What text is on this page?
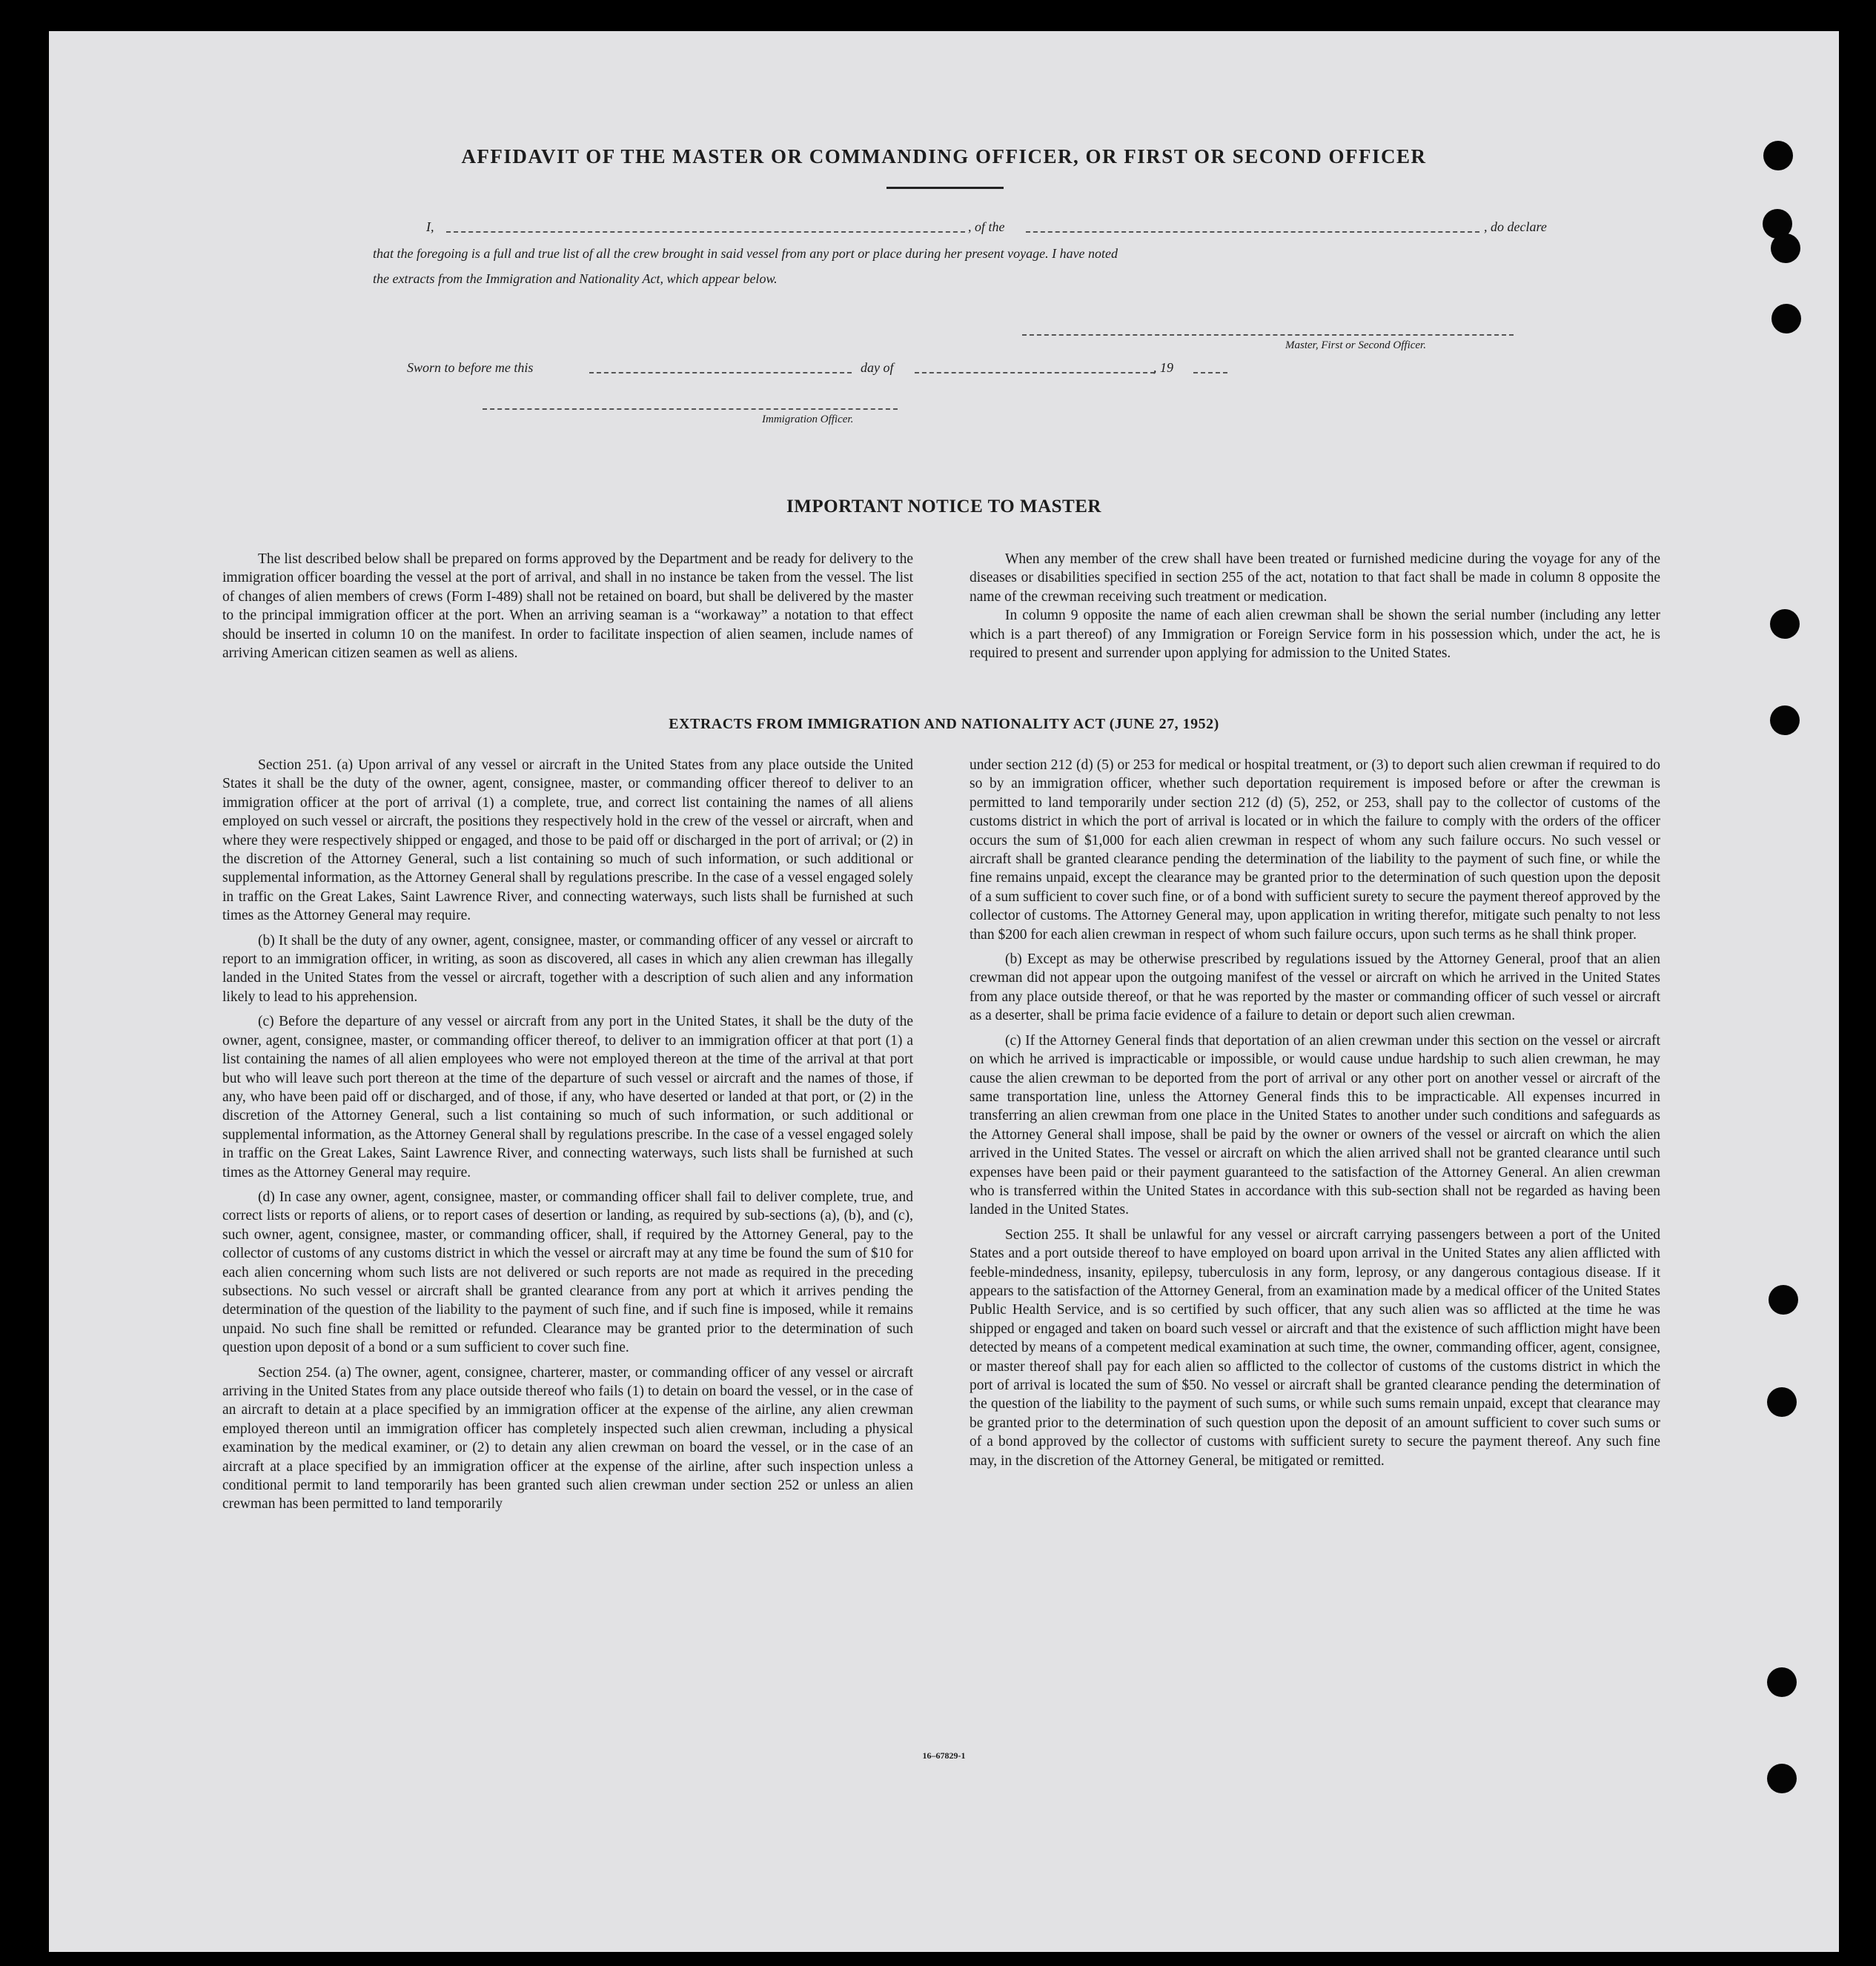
AFFIDAVIT OF THE MASTER OR COMMANDING OFFICER, OR FIRST OR SECOND OFFICER
I,	, of the	, do declare
that the foregoing is a full and true list of all the crew brought in said vessel from any port or place during her present voyage. I have noted
the extracts from the Immigration and Nationality Act, which appear below.
Master, First or Second Officer.
Sworn to before me this	day of	, 19
Immigration Officer.
IMPORTANT NOTICE TO MASTER

The list described below shall be prepared on forms approved by the Department and be ready for delivery to the immigration officer boarding the vessel at the port of arrival, and shall in no instance be taken from the vessel. The list of changes of alien members of crews (Form I-489) shall not be retained on board, but shall be delivered by the master to the principal immigration officer at the port. When an arriving seaman is a “workaway” a notation to that effect should be inserted in column 10 on the manifest. In order to facilitate inspection of alien seamen, include names of arriving American citizen seamen as well as aliens.

When any member of the crew shall have been treated or furnished medicine during the voyage for any of the diseases or disabilities specified in section 255 of the act, notation to that fact shall be made in column 8 opposite the name of the crewman receiving such treatment or medication.

In column 9 opposite the name of each alien crewman shall be shown the serial number (including any letter which is a part thereof) of any Immigration or Foreign Service form in his possession which, under the act, he is required to present and surrender upon applying for admission to the United States.

EXTRACTS FROM IMMIGRATION AND NATIONALITY ACT (JUNE 27, 1952)

Section 251. (a) Upon arrival of any vessel or aircraft in the United States from any place outside the United States it shall be the duty of the owner, agent, consignee, master, or commanding officer thereof to deliver to an immigration officer at the port of arrival (1) a complete, true, and correct list containing the names of all aliens employed on such vessel or aircraft, the positions they respectively hold in the crew of the vessel or aircraft, when and where they were respectively shipped or engaged, and those to be paid off or discharged in the port of arrival; or (2) in the discretion of the Attorney General, such a list containing so much of such information, or such additional or supplemental information, as the Attorney General shall by regulations prescribe. In the case of a vessel engaged solely in traffic on the Great Lakes, Saint Lawrence River, and connecting waterways, such lists shall be furnished at such times as the Attorney General may require.

(b) It shall be the duty of any owner, agent, consignee, master, or commanding officer of any vessel or aircraft to report to an immigration officer, in writing, as soon as discovered, all cases in which any alien crewman has illegally landed in the United States from the vessel or aircraft, together with a description of such alien and any information likely to lead to his apprehension.

(c) Before the departure of any vessel or aircraft from any port in the United States, it shall be the duty of the owner, agent, consignee, master, or commanding officer thereof, to deliver to an immigration officer at that port (1) a list containing the names of all alien employees who were not employed thereon at the time of the arrival at that port but who will leave such port thereon at the time of the departure of such vessel or aircraft and the names of those, if any, who have been paid off or discharged, and of those, if any, who have deserted or landed at that port, or (2) in the discretion of the Attorney General, such a list containing so much of such information, or such additional or supplemental information, as the Attorney General shall by regulations prescribe. In the case of a vessel engaged solely in traffic on the Great Lakes, Saint Lawrence River, and connecting waterways, such lists shall be furnished at such times as the Attorney General may require.

(d) In case any owner, agent, consignee, master, or commanding officer shall fail to deliver complete, true, and correct lists or reports of aliens, or to report cases of desertion or landing, as required by sub-sections (a), (b), and (c), such owner, agent, consignee, master, or commanding officer, shall, if required by the Attorney General, pay to the collector of customs of any customs district in which the vessel or aircraft may at any time be found the sum of $10 for each alien concerning whom such lists are not delivered or such reports are not made as required in the preceding subsections. No such vessel or aircraft shall be granted clearance from any port at which it arrives pending the determination of the question of the liability to the payment of such fine, and if such fine is imposed, while it remains unpaid. No such fine shall be remitted or refunded. Clearance may be granted prior to the determination of such question upon deposit of a bond or a sum sufficient to cover such fine.

Section 254. (a) The owner, agent, consignee, charterer, master, or commanding officer of any vessel or aircraft arriving in the United States from any place outside thereof who fails (1) to detain on board the vessel, or in the case of an aircraft to detain at a place specified by an immigration officer at the expense of the airline, any alien crewman employed thereon until an immigration officer has completely inspected such alien crewman, including a physical examination by the medical examiner, or (2) to detain any alien crewman on board the vessel, or in the case of an aircraft at a place specified by an immigration officer at the expense of the airline, after such inspection unless a conditional permit to land temporarily has been granted such alien crewman under section 252 or unless an alien crewman has been permitted to land temporarily

under section 212 (d) (5) or 253 for medical or hospital treatment, or (3) to deport such alien crewman if required to do so by an immigration officer, whether such deportation requirement is imposed before or after the crewman is permitted to land temporarily under section 212 (d) (5), 252, or 253, shall pay to the collector of customs of the customs district in which the port of arrival is located or in which the failure to comply with the orders of the officer occurs the sum of $1,000 for each alien crewman in respect of whom any such failure occurs. No such vessel or aircraft shall be granted clearance pending the determination of the liability to the payment of such fine, or while the fine remains unpaid, except the clearance may be granted prior to the determination of such question upon the deposit of a sum sufficient to cover such fine, or of a bond with sufficient surety to secure the payment thereof approved by the collector of customs. The Attorney General may, upon application in writing therefor, mitigate such penalty to not less than $200 for each alien crewman in respect of whom such failure occurs, upon such terms as he shall think proper.

(b) Except as may be otherwise prescribed by regulations issued by the Attorney General, proof that an alien crewman did not appear upon the outgoing manifest of the vessel or aircraft on which he arrived in the United States from any place outside thereof, or that he was reported by the master or commanding officer of such vessel or aircraft as a deserter, shall be prima facie evidence of a failure to detain or deport such alien crewman.

(c) If the Attorney General finds that deportation of an alien crewman under this section on the vessel or aircraft on which he arrived is impracticable or impossible, or would cause undue hardship to such alien crewman, he may cause the alien crewman to be deported from the port of arrival or any other port on another vessel or aircraft of the same transportation line, unless the Attorney General finds this to be impracticable. All expenses incurred in transferring an alien crewman from one place in the United States to another under such conditions and safeguards as the Attorney General shall impose, shall be paid by the owner or owners of the vessel or aircraft on which the alien arrived in the United States. The vessel or aircraft on which the alien arrived shall not be granted clearance until such expenses have been paid or their payment guaranteed to the satisfaction of the Attorney General. An alien crewman who is transferred within the United States in accordance with this sub-section shall not be regarded as having been landed in the United States.

Section 255. It shall be unlawful for any vessel or aircraft carrying passengers between a port of the United States and a port outside thereof to have employed on board upon arrival in the United States any alien afflicted with feeble-mindedness, insanity, epilepsy, tuberculosis in any form, leprosy, or any dangerous contagious disease. If it appears to the satisfaction of the Attorney General, from an examination made by a medical officer of the United States Public Health Service, and is so certified by such officer, that any such alien was so afflicted at the time he was shipped or engaged and taken on board such vessel or aircraft and that the existence of such affliction might have been detected by means of a competent medical examination at such time, the owner, commanding officer, agent, consignee, or master thereof shall pay for each alien so afflicted to the collector of customs of the customs district in which the port of arrival is located the sum of $50. No vessel or aircraft shall be granted clearance pending the determination of the question of the liability to the payment of such sums, or while such sums remain unpaid, except that clearance may be granted prior to the determination of such question upon the deposit of an amount sufficient to cover such sums or of a bond approved by the collector of customs with sufficient surety to secure the payment thereof. Any such fine may, in the discretion of the Attorney General, be mitigated or remitted.

16–67829-1
